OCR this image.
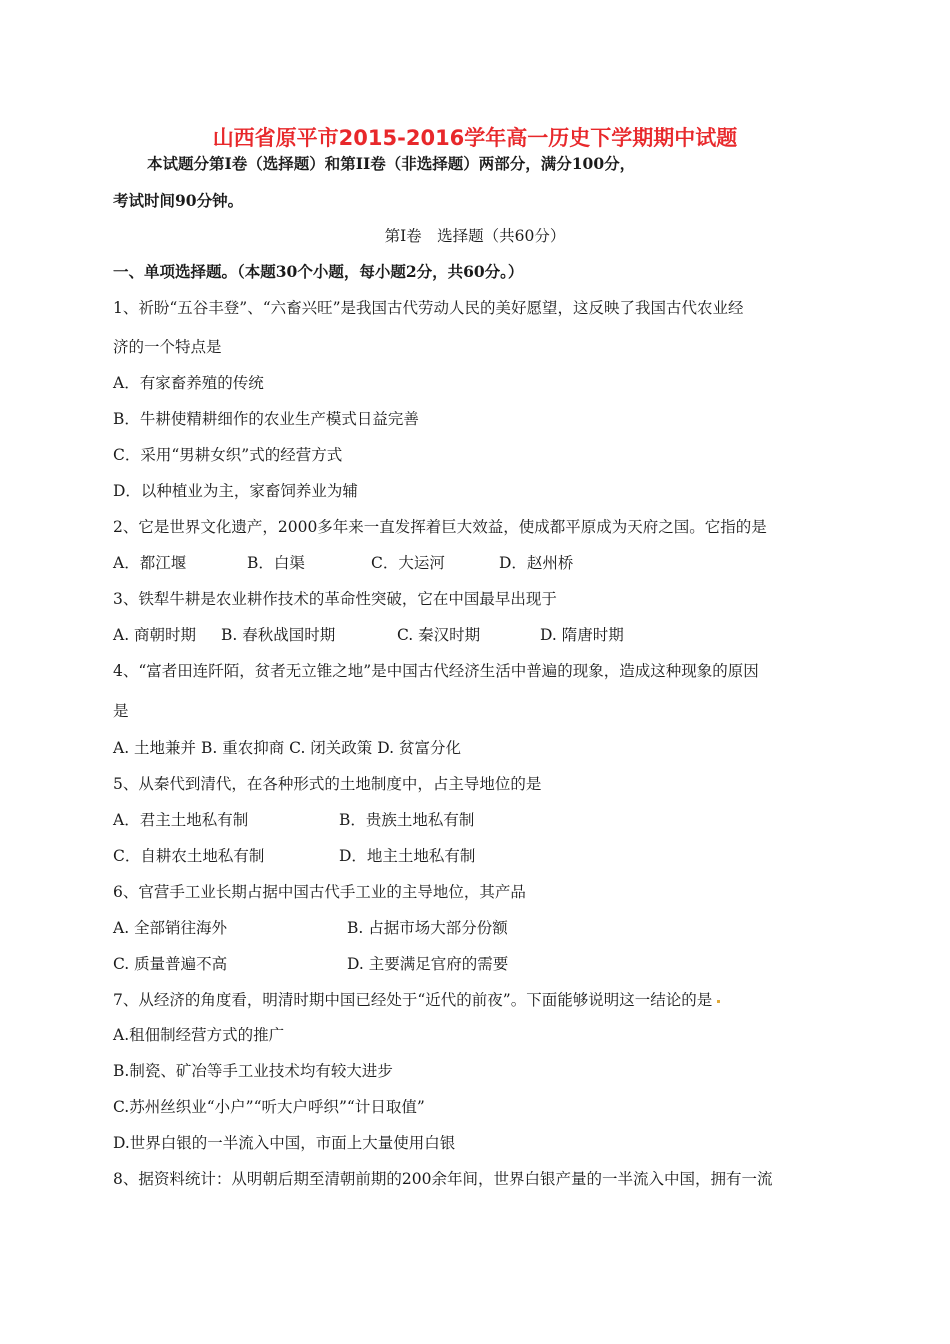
山西省原平市2015-2016学年高一历史下学期期中试题
本试题分第Ⅰ卷（选择题）和第II卷（非选择题）两部分，满分100分，
考试时间90分钟。
第Ⅰ卷　选择题（共60分）
一、单项选择题。（本题30个小题，每小题2分，共60分。）
1、祈盼“五谷丰登”、“六畜兴旺”是我国古代劳动人民的美好愿望，这反映了我国古代农业经
济的一个特点是
A．有家畜养殖的传统
B．牛耕使精耕细作的农业生产模式日益完善
C．采用“男耕女织”式的经营方式
D．以种植业为主，家畜饲养业为辅
2、它是世界文化遗产，2000多年来一直发挥着巨大效益，使成都平原成为天府之国。它指的是
A．都江堰	B．白渠	C．大运河	D．赵州桥
3、铁犁牛耕是农业耕作技术的革命性突破，它在中国最早出现于
A. 商朝时期	B. 春秋战国时期	C. 秦汉时期	D. 隋唐时期
4、“富者田连阡陌，贫者无立锥之地”是中国古代经济生活中普遍的现象，造成这种现象的原因
是
A. 土地兼并 B. 重农抑商 C. 闭关政策 D. 贫富分化
5、从秦代到清代，在各种形式的土地制度中，占主导地位的是
A．君主土地私有制	B．贵族土地私有制
C．自耕农土地私有制	D．地主土地私有制
6、官营手工业长期占据中国古代手工业的主导地位，其产品
A. 全部销往海外	B. 占据市场大部分份额
C. 质量普遍不高	D. 主要满足官府的需要
7、从经济的角度看，明清时期中国已经处于“近代的前夜”。下面能够说明这一结论的是
A.租佃制经营方式的推广
B.制瓷、矿冶等手工业技术均有较大进步
C.苏州丝织业“小户”“听大户呼织”“计日取值”
D.世界白银的一半流入中国，市面上大量使用白银
8、据资料统计：从明朝后期至清朝前期的200余年间，世界白银产量的一半流入中国，拥有一流
